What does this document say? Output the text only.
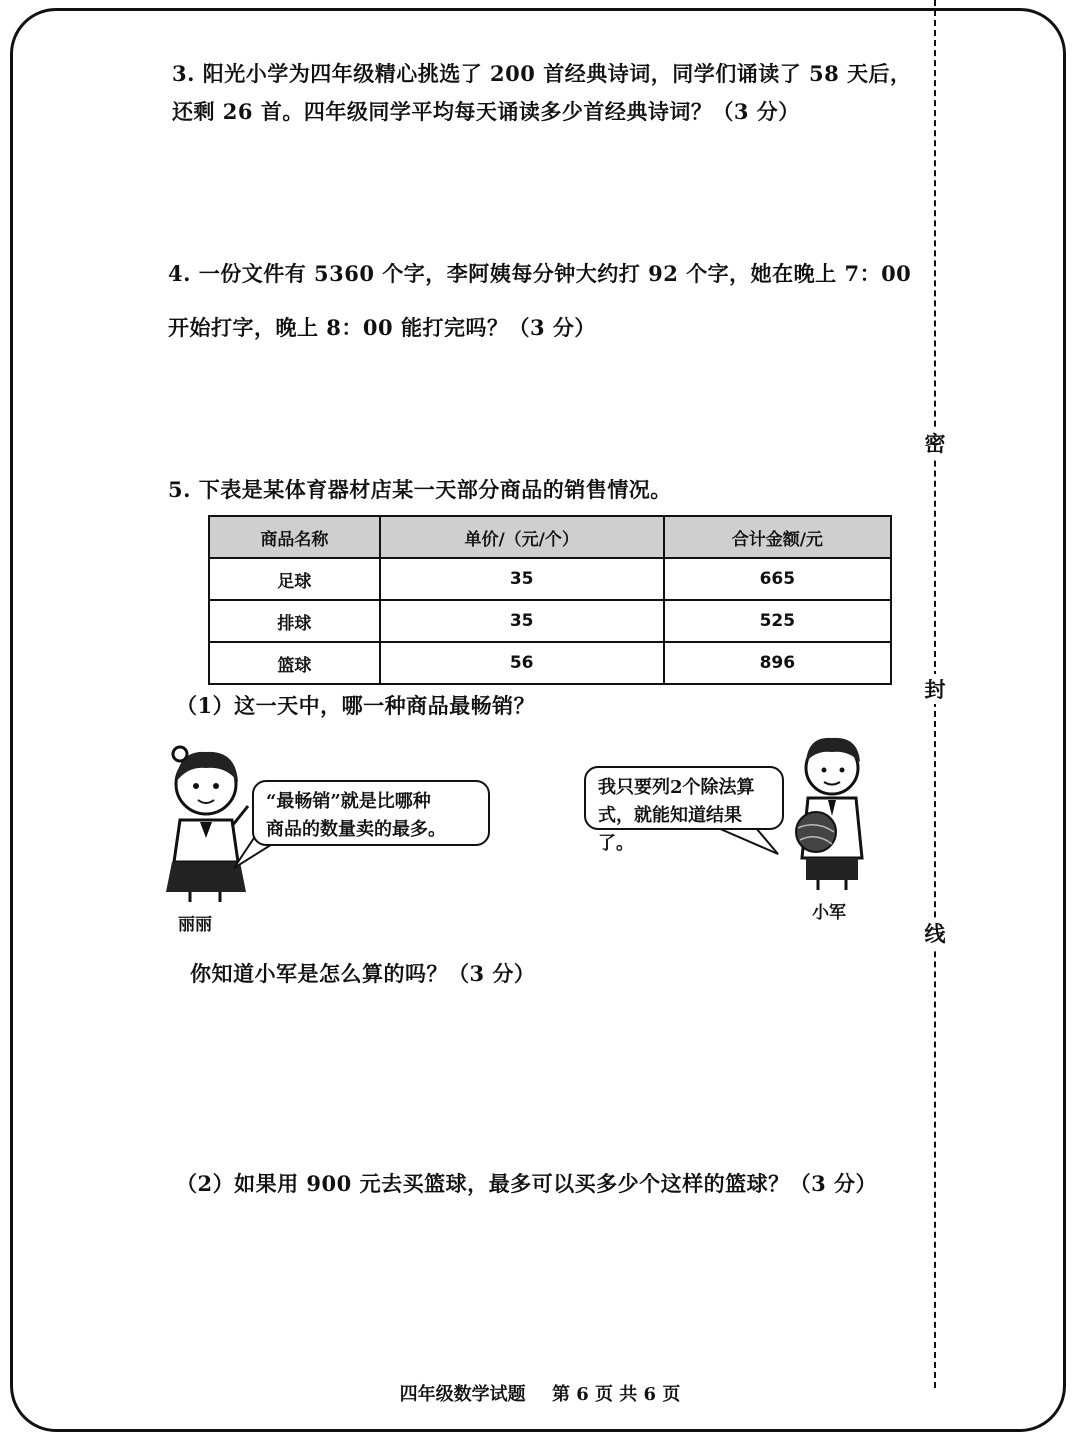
3. 阳光小学为四年级精心挑选了 200 首经典诗词，同学们诵读了 58 天后，
还剩 26 首。四年级同学平均每天诵读多少首经典诗词？（3 分）
4. 一份文件有 5360 个字，李阿姨每分钟大约打 92 个字，她在晚上 7：00
开始打字，晚上 8：00 能打完吗？（3 分）
5. 下表是某体育器材店某一天部分商品的销售情况。
商品名称	单价/（元/个）	合计金额/元
足球	35	665
排球	35	525
篮球	56	896
（1）这一天中，哪一种商品最畅销？
“最畅销”就是比哪种
商品的数量卖的最多。
丽丽
我只要列2个除法算
式，就能知道结果了。
小军
你知道小军是怎么算的吗？（3 分）
（2）如果用 900 元去买篮球，最多可以买多少个这样的篮球？（3 分）
密
封
线
四年级数学试题 第 6 页 共 6 页
